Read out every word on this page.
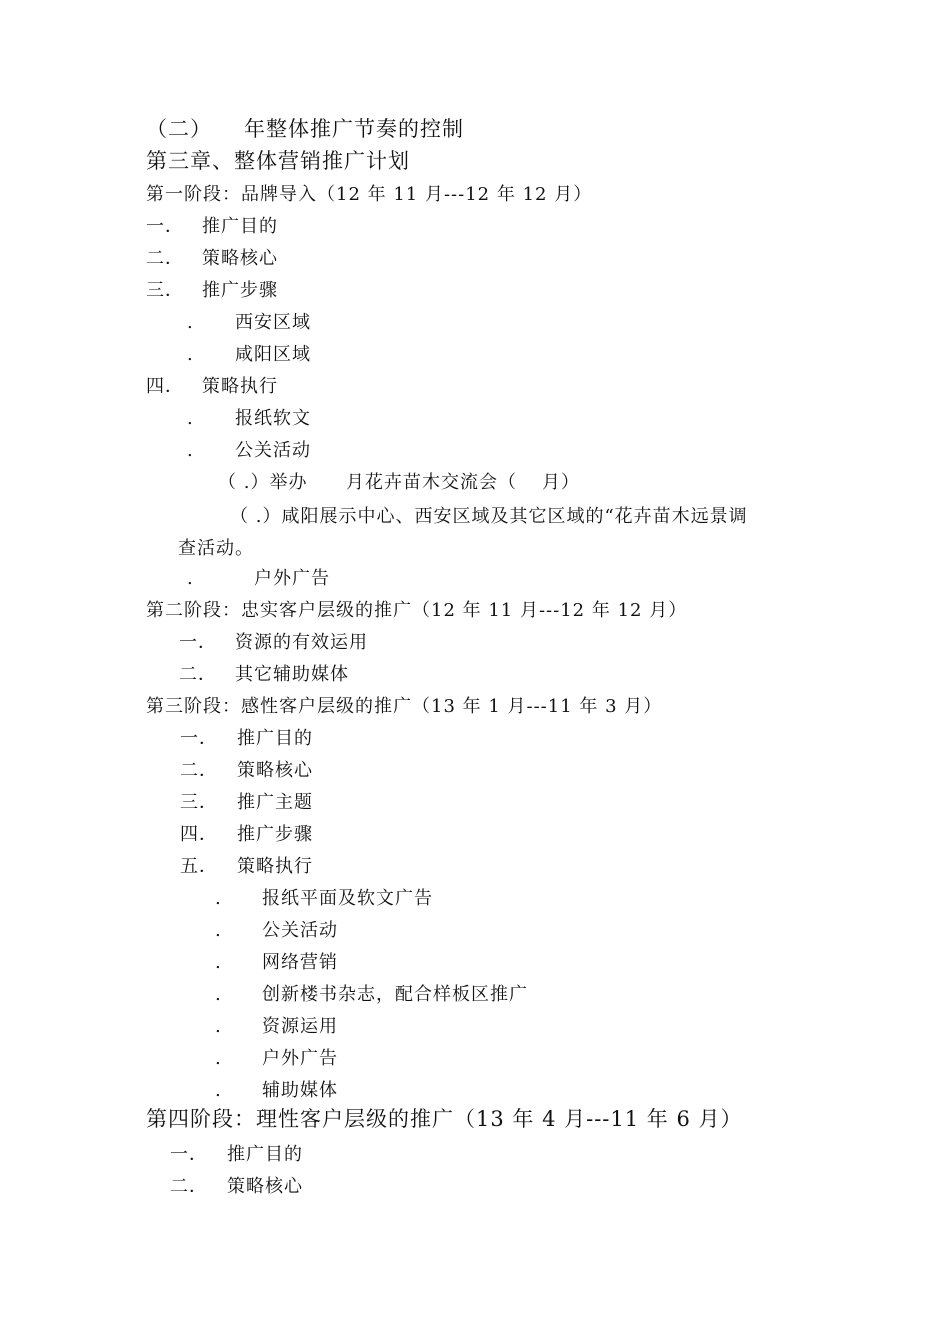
（二） 年整体推广节奏的控制
第三章、整体营销推广计划
第一阶段：品牌导入（12 年 11 月---12 年 12 月）
一． 推广目的
二． 策略核心
三． 推广步骤
. 西安区域
. 咸阳区域
四． 策略执行
. 报纸软文
. 公关活动
（ .）举办 月花卉苗木交流会（ 月）
（ .）咸阳展示中心、西安区域及其它区域的“花卉苗木远景调
查活动。
.	户外广告
第二阶段：忠实客户层级的推广（12 年 11 月---12 年 12 月）
一． 资源的有效运用
二． 其它辅助媒体
第三阶段：感性客户层级的推广（13 年 1 月---11 年 3 月）
一． 推广目的
二． 策略核心
三． 推广主题
四． 推广步骤
五． 策略执行
. 报纸平面及软文广告
. 公关活动
. 网络营销
. 创新楼书杂志，配合样板区推广
. 资源运用
. 户外广告
. 辅助媒体
第四阶段：理性客户层级的推广（13 年 4 月---11 年 6 月）
一． 推广目的
二． 策略核心
